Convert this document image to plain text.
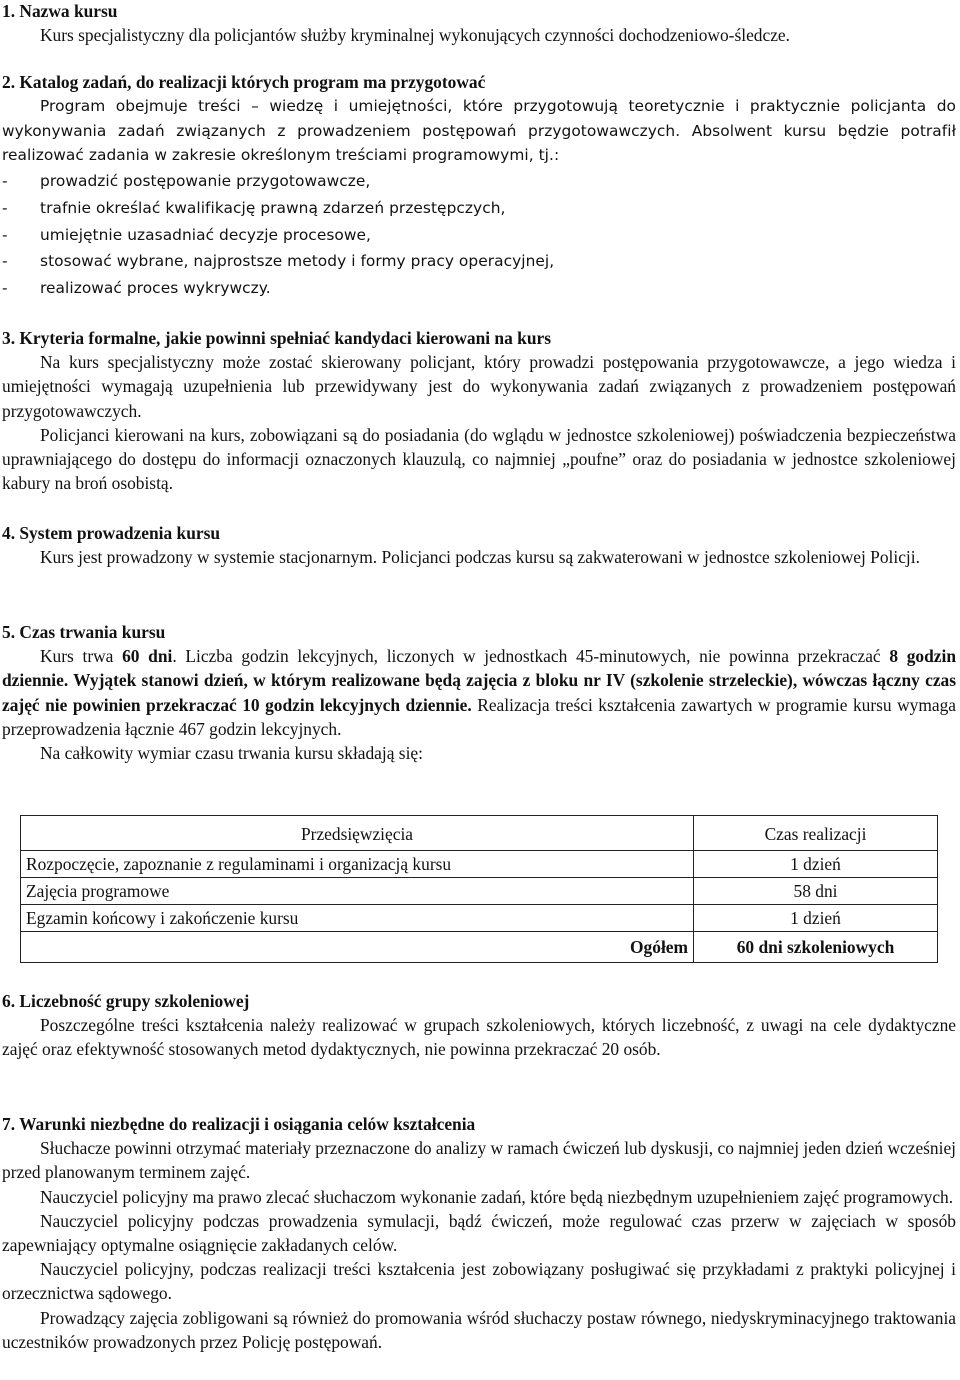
1. Nazwa kursu

Kurs specjalistyczny dla policjantów służby kryminalnej wykonujących czynności dochodzeniowo-śledcze.

2. Katalog zadań, do realizacji których program ma przygotować

Program obejmuje treści – wiedzę i umiejętności, które przygotowują teoretycznie i praktycznie policjanta do wykonywania zadań związanych z prowadzeniem postępowań przygotowawczych. Absolwent kursu będzie potrafił realizować zadania w zakresie określonym treściami programowymi, tj.:

-	prowadzić postępowanie przygotowawcze,
-	trafnie określać kwalifikację prawną zdarzeń przestępczych,
-	umiejętnie uzasadniać decyzje procesowe,
-	stosować wybrane, najprostsze metody i formy pracy operacyjnej,
-	realizować proces wykrywczy.
3. Kryteria formalne, jakie powinni spełniać kandydaci kierowani na kurs

Na kurs specjalistyczny może zostać skierowany policjant, który prowadzi postępowania przygotowawcze, a jego wiedza i umiejętności wymagają uzupełnienia lub przewidywany jest do wykonywania zadań związanych z prowadzeniem postępowań przygotowawczych.

Policjanci kierowani na kurs, zobowiązani są do posiadania (do wglądu w jednostce szkoleniowej) poświadczenia bezpieczeństwa uprawniającego do dostępu do informacji oznaczonych klauzulą, co najmniej „poufne” oraz do posiadania w jednostce szkoleniowej kabury na broń osobistą.

4. System prowadzenia kursu

Kurs jest prowadzony w systemie stacjonarnym. Policjanci podczas kursu są zakwaterowani w jednostce szkoleniowej Policji.

5. Czas trwania kursu

Kurs trwa 60 dni. Liczba godzin lekcyjnych, liczonych w jednostkach 45-minutowych, nie powinna przekraczać 8 godzin dziennie. Wyjątek stanowi dzień, w którym realizowane będą zajęcia z bloku nr IV (szkolenie strzeleckie), wówczas łączny czas zajęć nie powinien przekraczać 10 godzin lekcyjnych dziennie. Realizacja treści kształcenia zawartych w programie kursu wymaga przeprowadzenia łącznie 467 godzin lekcyjnych.

Na całkowity wymiar czasu trwania kursu składają się:

Przedsięwzięcia	Czas realizacji
Rozpoczęcie, zapoznanie z regulaminami i organizacją kursu	1 dzień
Zajęcia programowe	58 dni
Egzamin końcowy i zakończenie kursu	1 dzień
Ogółem	60 dni szkoleniowych
6. Liczebność grupy szkoleniowej

Poszczególne treści kształcenia należy realizować w grupach szkoleniowych, których liczebność, z uwagi na cele dydaktyczne zajęć oraz efektywność stosowanych metod dydaktycznych, nie powinna przekraczać 20 osób.

7. Warunki niezbędne do realizacji i osiągania celów kształcenia

Słuchacze powinni otrzymać materiały przeznaczone do analizy w ramach ćwiczeń lub dyskusji, co najmniej jeden dzień wcześniej przed planowanym terminem zajęć.

Nauczyciel policyjny ma prawo zlecać słuchaczom wykonanie zadań, które będą niezbędnym uzupełnieniem zajęć programowych.

Nauczyciel policyjny podczas prowadzenia symulacji, bądź ćwiczeń, może regulować czas przerw w zajęciach w sposób zapewniający optymalne osiągnięcie zakładanych celów.

Nauczyciel policyjny, podczas realizacji treści kształcenia jest zobowiązany posługiwać się przykładami z praktyki policyjnej i orzecznictwa sądowego.

Prowadzący zajęcia zobligowani są również do promowania wśród słuchaczy postaw równego, niedyskryminacyjnego traktowania uczestników prowadzonych przez Policję postępowań.
